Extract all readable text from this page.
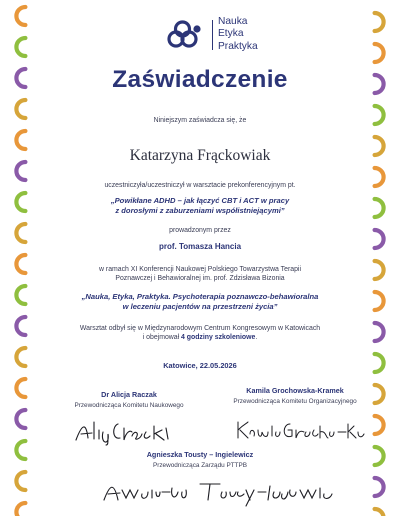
Nauka
Etyka
Praktyka
Zaświadczenie
Niniejszym zaświadcza się, że
Katarzyna Frąckowiak
uczestniczyła/uczestniczył w warsztacie prekonferencyjnym pt.
„Powikłane ADHD – jak łączyć CBT i ACT w pracy
z dorosłymi z zaburzeniami współistniejącymi”
prowadzonym przez
prof. Tomasza Hancia
w ramach XI Konferencji Naukowej Polskiego Towarzystwa Terapii
Poznawczej i Behawioralnej im. prof. Zdzisława Bizonia
„Nauka, Etyka, Praktyka. Psychoterapia poznawczo-behawioralna
w leczeniu pacjentów na przestrzeni życia”
Warsztat odbył się w Międzynarodowym Centrum Kongresowym w Katowicach
i obejmował 4 godziny szkoleniowe.
Katowice, 22.05.2026
Dr Alicja Raczak
Przewodnicząca Komitetu Naukowego
Kamila Grochowska-Kramek
Przewodnicząca Komitetu Organizacyjnego
Agnieszka Tousty – Ingielewicz
Przewodnicząca Zarządu PTTPB
